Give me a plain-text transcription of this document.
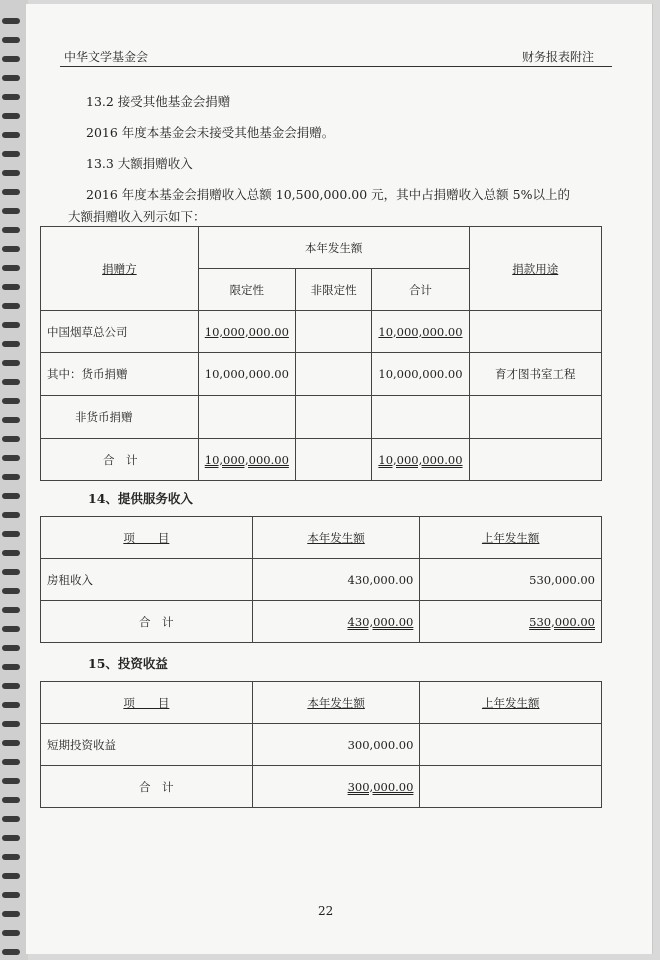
中华文学基金会	财务报表附注
13.2 接受其他基金会捐赠
2016 年度本基金会未接受其他基金会捐赠。
13.3 大额捐赠收入
2016 年度本基金会捐赠收入总额 10,500,000.00 元，其中占捐赠收入总额 5%以上的
大额捐赠收入列示如下：
捐赠方	本年发生额			捐款用途
	限定性	非限定性	合计	
中国烟草总公司	10,000,000.00		10,000,000.00	
其中：货币捐赠	10,000,000.00		10,000,000.00	育才图书室工程
非货币捐赠				
合　计	10,000,000.00		10,000,000.00	
14、提供服务收入
项　　目	本年发生额	上年发生额
房租收入	430,000.00	530,000.00
合　计	430,000.00	530,000.00
15、投资收益
项　　目	本年发生额	上年发生额
短期投资收益	300,000.00	
合　计	300,000.00	
22
